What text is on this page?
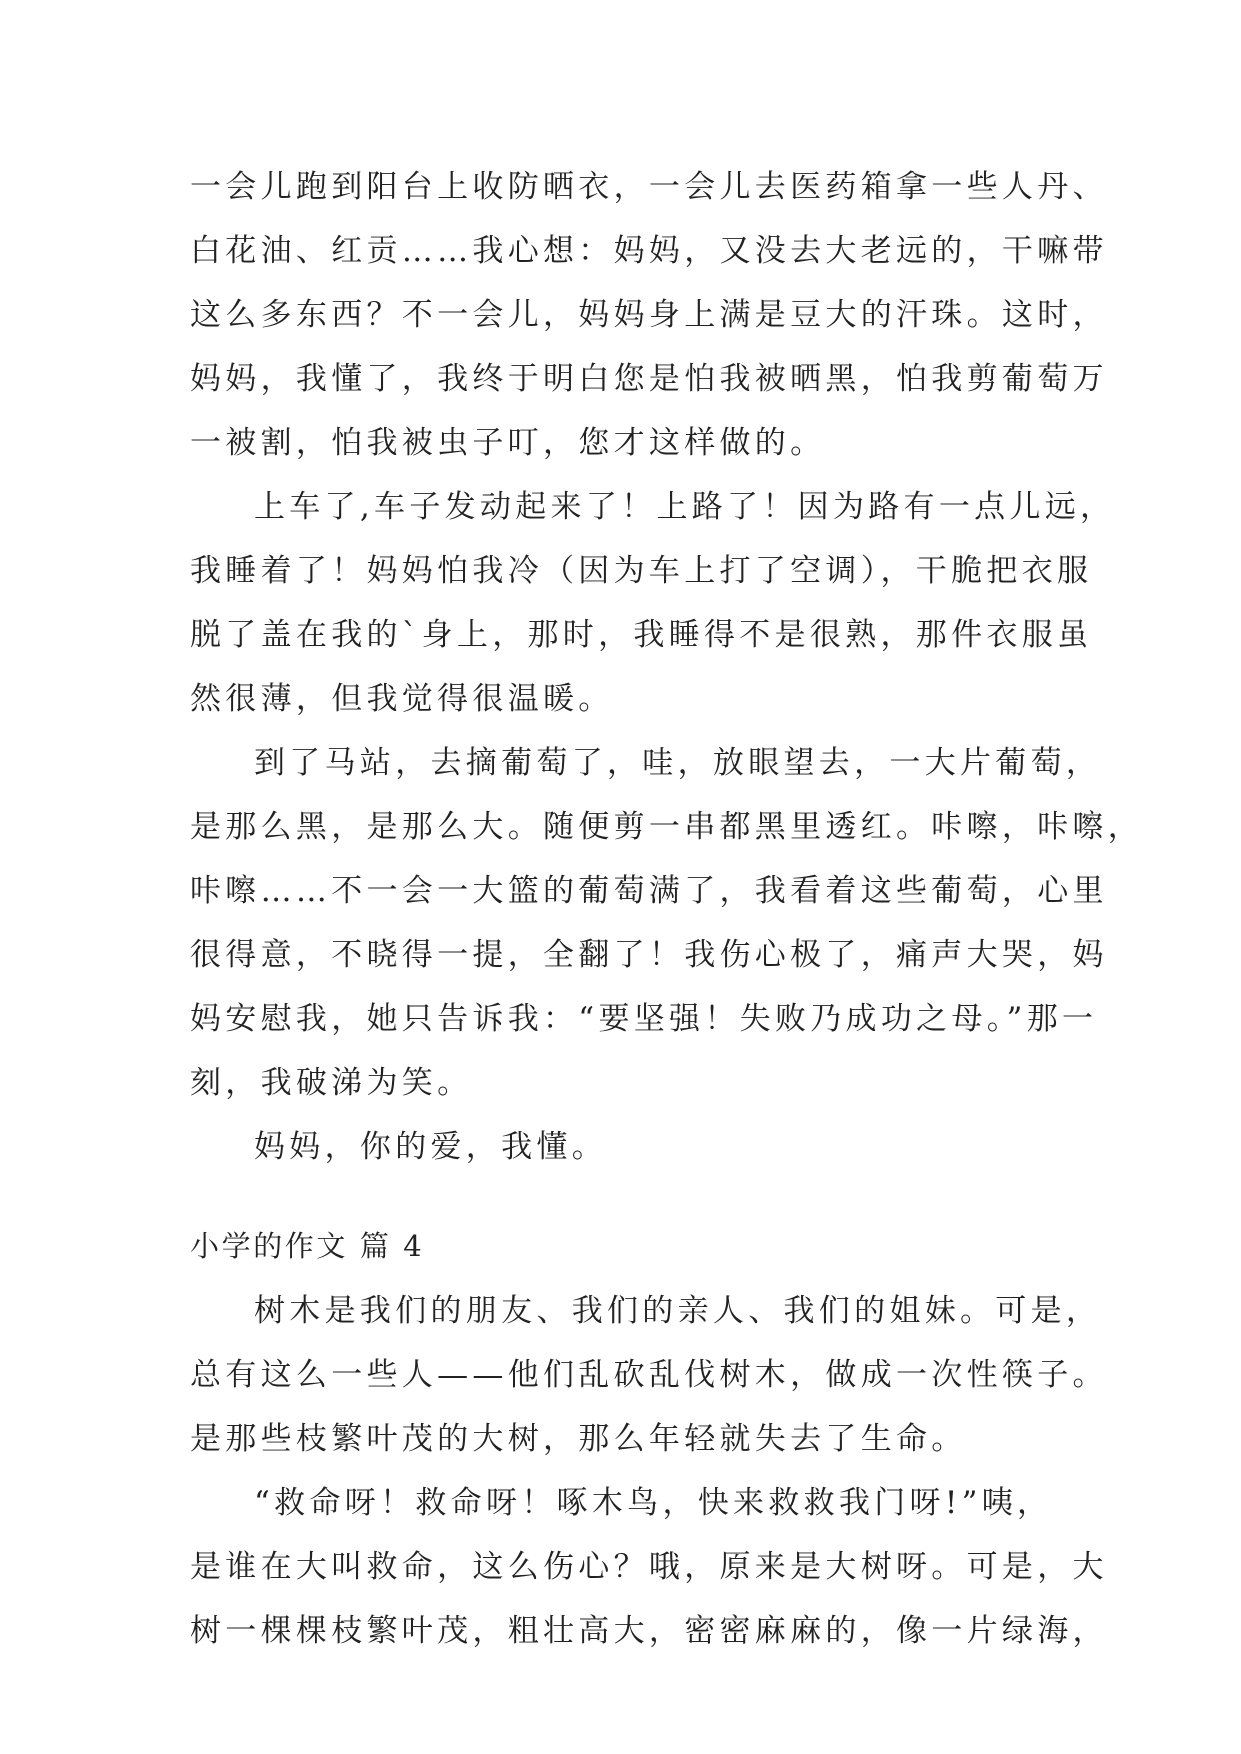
一会儿跑到阳台上收防晒衣，一会儿去医药箱拿一些人丹、
白花油、红贡……我心想：妈妈，又没去大老远的，干嘛带
这么多东西？不一会儿，妈妈身上满是豆大的汗珠。这时，
妈妈，我懂了，我终于明白您是怕我被晒黑，怕我剪葡萄万
一被割，怕我被虫子叮，您才这样做的。
上车了,车子发动起来了！上路了！因为路有一点儿远，
我睡着了！妈妈怕我冷（因为车上打了空调），干脆把衣服
脱了盖在我的`身上，那时，我睡得不是很熟，那件衣服虽
然很薄，但我觉得很温暖。
到了马站，去摘葡萄了，哇，放眼望去，一大片葡萄，
是那么黑，是那么大。随便剪一串都黑里透红。咔嚓，咔嚓，
咔嚓……不一会一大篮的葡萄满了，我看着这些葡萄，心里
很得意，不晓得一提，全翻了！我伤心极了，痛声大哭，妈
妈安慰我，她只告诉我：“要坚强！失败乃成功之母。”那一
刻，我破涕为笑。
妈妈，你的爱，我懂。
小学的作文 篇 4
树木是我们的朋友、我们的亲人、我们的姐妹。可是，
总有这么一些人——他们乱砍乱伐树木，做成一次性筷子。
是那些枝繁叶茂的大树，那么年轻就失去了生命。
“救命呀！救命呀！啄木鸟，快来救救我门呀!”咦，
是谁在大叫救命，这么伤心？哦，原来是大树呀。可是，大
树一棵棵枝繁叶茂，粗壮高大，密密麻麻的，像一片绿海，
